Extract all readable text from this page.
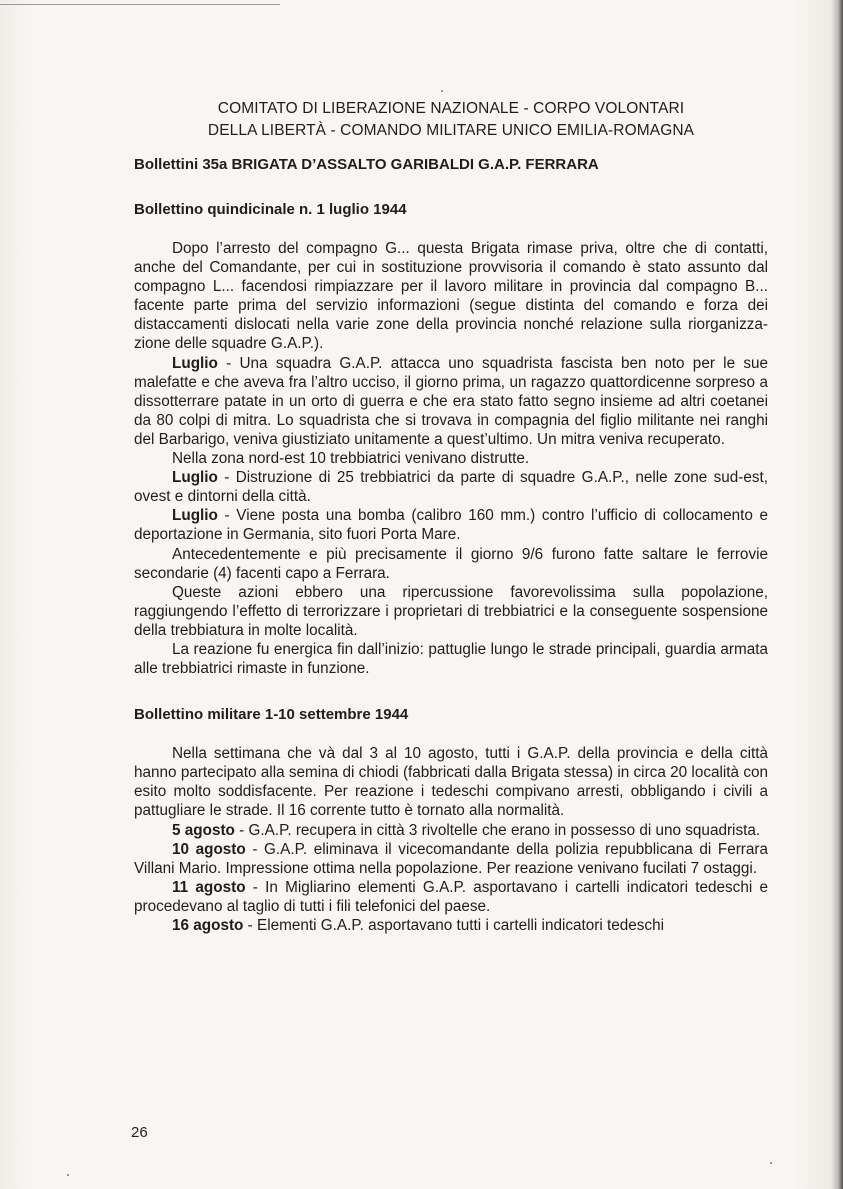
COMITATO DI LIBERAZIONE NAZIONALE - CORPO VOLONTARI
DELLA LIBERTÀ - COMANDO MILITARE UNICO EMILIA-ROMAGNA
Bollettini 35a BRIGATA D’ASSALTO GARIBALDI G.A.P. FERRARA
Bollettino quindicinale n. 1 luglio 1944

Dopo l’arresto del compagno G... questa Brigata rimase priva, oltre che di contatti, anche del Comandante, per cui in sostituzione provvisoria il comando è stato assunto dal compagno L... facendosi rimpiazzare per il lavoro militare in provincia dal compagno B... facente parte prima del servizio informazioni (segue distinta del comando e forza dei distaccamenti dislocati nella varie zone della provincia nonché relazione sulla riorganizzazione delle squadre G.A.P.).

Luglio - Una squadra G.A.P. attacca uno squadrista fascista ben noto per le sue malefatte e che aveva fra l’altro ucciso, il giorno prima, un ragazzo quattordicenne sorpreso a dissotterrare patate in un orto di guerra e che era stato fatto segno insieme ad altri coetanei da 80 colpi di mitra. Lo squadrista che si trovava in compagnia del figlio militante nei ranghi del Barbarigo, veniva giustiziato unitamente a quest’ultimo. Un mitra veniva recuperato.

Nella zona nord-est 10 trebbiatrici venivano distrutte.

Luglio - Distruzione di 25 trebbiatrici da parte di squadre G.A.P., nelle zone sud-est, ovest e dintorni della città.

Luglio - Viene posta una bomba (calibro 160 mm.) contro l’ufficio di collocamento e deportazione in Germania, sito fuori Porta Mare.

Antecedentemente e più precisamente il giorno 9/6 furono fatte saltare le ferrovie secondarie (4) facenti capo a Ferrara.

Queste azioni ebbero una ripercussione favorevolissima sulla popolazione, raggiungendo l’effetto di terrorizzare i proprietari di trebbiatrici e la conseguente sospensione della trebbiatura in molte località.

La reazione fu energica fin dall’inizio: pattuglie lungo le strade principali, guardia armata alle trebbiatrici rimaste in funzione.

Bollettino militare 1-10 settembre 1944

Nella settimana che và dal 3 al 10 agosto, tutti i G.A.P. della provincia e della città hanno partecipato alla semina di chiodi (fabbricati dalla Brigata stessa) in circa 20 località con esito molto soddisfacente. Per reazione i tedeschi compivano arresti, obbligando i civili a pattugliare le strade. Il 16 corrente tutto è tornato alla normalità.

5 agosto - G.A.P. recupera in città 3 rivoltelle che erano in possesso di uno squadrista.

10 agosto - G.A.P. eliminava il vicecomandante della polizia repubblicana di Ferrara Villani Mario. Impressione ottima nella popolazione. Per reazione venivano fucilati 7 ostaggi.

11 agosto - In Migliarino elementi G.A.P. asportavano i cartelli indicatori tedeschi e procedevano al taglio di tutti i fili telefonici del paese.

16 agosto - Elementi G.A.P. asportavano tutti i cartelli indicatori tedeschi

26
